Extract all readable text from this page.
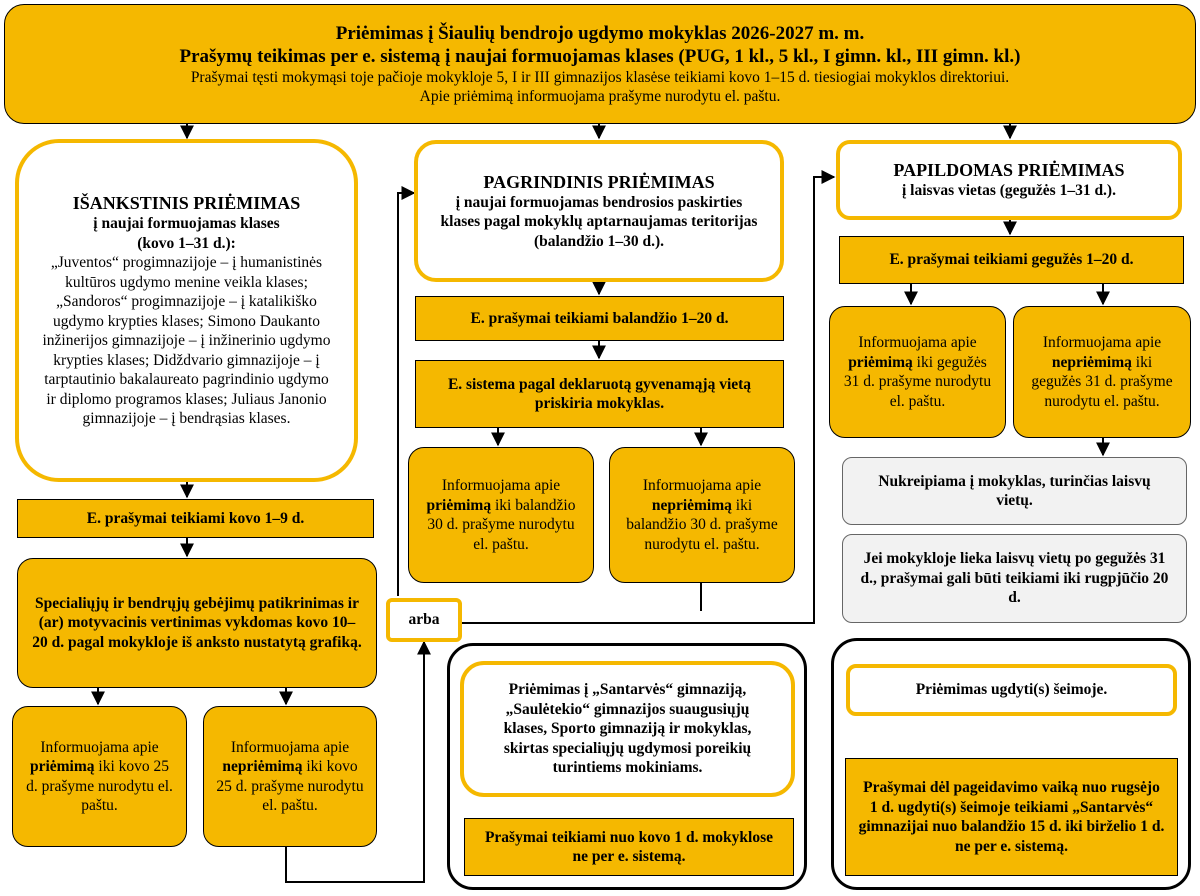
Priėmimas į Šiaulių bendrojo ugdymo mokyklas 2026-2027 m. m.
Prašymų teikimas per e. sistemą į naujai formuojamas klases (PUG, 1 kl., 5 kl., I gimn. kl., III gimn. kl.)
Prašymai tęsti mokymąsi toje pačioje mokykloje 5, I ir III gimnazijos klasėse teikiami kovo 1–15 d. tiesiogiai mokyklos direktoriui.
Apie priėmimą informuojama prašyme nurodytu el. paštu.
IŠANKSTINIS PRIĖMIMAS
į naujai formuojamas klases
(kovo 1–31 d.):
„Juventos“ progimnazijoje – į humanistinės kultūros ugdymo menine veikla klases; „Sandoros“ progimnazijoje – į katalikiško ugdymo krypties klases; Simono Daukanto inžinerijos gimnazijoje – į inžinerinio ugdymo krypties klases; Didždvario gimnazijoje – į tarptautinio bakalaureato pagrindinio ugdymo ir diplomo programos klases; Juliaus Janonio gimnazijoje – į bendrąsias klases.
E. prašymai teikiami kovo 1–9 d.
Specialiųjų ir bendrųjų gebėjimų patikrinimas ir (ar) motyvacinis vertinimas vykdomas kovo 10–20 d. pagal mokykloje iš anksto nustatytą grafiką.
Informuojama apie priėmimą iki kovo 25 d. prašyme nurodytu el. paštu.
Informuojama apie nepriėmimą iki kovo 25 d. prašyme nurodytu el. paštu.
PAGRINDINIS PRIĖMIMAS
į naujai formuojamas bendrosios paskirties klases pagal mokyklų aptarnaujamas teritorijas
(balandžio 1–30 d.).
E. prašymai teikiami balandžio 1–20 d.
E. sistema pagal deklaruotą gyvenamąją vietą priskiria mokyklas.
Informuojama apie priėmimą iki balandžio 30 d. prašyme nurodytu el. paštu.
Informuojama apie nepriėmimą iki balandžio 30 d. prašyme nurodytu el. paštu.
arba
PAPILDOMAS PRIĖMIMAS
į laisvas vietas (gegužės 1–31 d.).
E. prašymai teikiami gegužės 1–20 d.
Informuojama apie priėmimą iki gegužės 31 d. prašyme nurodytu el. paštu.
Informuojama apie nepriėmimą iki gegužės 31 d. prašyme nurodytu el. paštu.
Nukreipiama į mokyklas, turinčias laisvų vietų.
Jei mokykloje lieka laisvų vietų po gegužės 31 d., prašymai gali būti teikiami iki rugpjūčio 20 d.
Priėmimas į „Santarvės“ gimnaziją, „Saulėtekio“ gimnazijos suaugusiųjų klases, Sporto gimnaziją ir mokyklas, skirtas specialiųjų ugdymosi poreikių turintiems mokiniams.
Prašymai teikiami nuo kovo 1 d. mokyklose ne per e. sistemą.
Priėmimas ugdyti(s) šeimoje.
Prašymai dėl pageidavimo vaiką nuo rugsėjo 1 d. ugdyti(s) šeimoje teikiami „Santarvės“ gimnazijai nuo balandžio 15 d. iki birželio 1 d. ne per e. sistemą.
